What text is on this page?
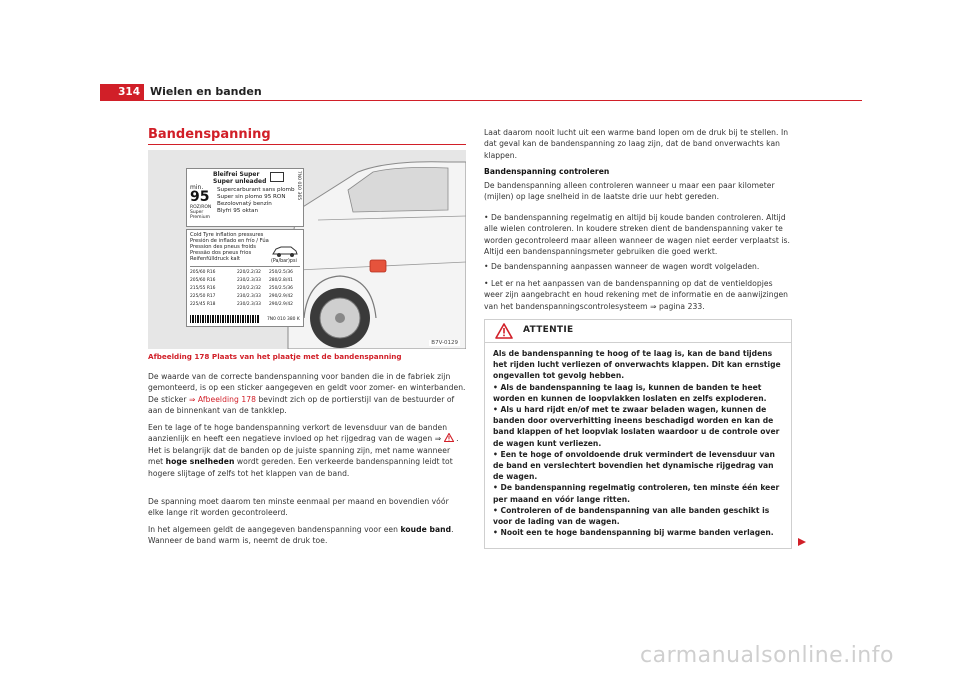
314 Wielen en banden
Bandenspanning
Bleifrei Super
Super unleaded
min.
95
ROZ/RON
Super
Premium
Supercarburant sans plomb
Super sin plomo 95 RON
Bezolovnatý benzín
Blyfri 95 oktan
7N0 010 365
Cold Tyre inflation pressures
Presión de inflado en frío / Fúa
Pression des pneus froids
Pressão dos pneus frios
Reifenfülldruck kalt	(Pa/bar)psi
205/60 R16	220/2.2/32 250/2.5/36
205/60 R16	230/2.3/33 280/2.8/41
215/55 R16	220/2.2/32 250/2.5/36
225/50 R17	230/2.3/33 290/2.9/42
225/45 R18	230/2.3/33 290/2.9/42
7N0 010 380 K
B7V-0129
Afbeelding 178 Plaats van het plaatje met de bandenspanning
De waarde van de correcte bandenspanning voor banden die in de fabriek zijn gemonteerd, is op een sticker aangegeven en geldt voor zomer- en winterbanden. De sticker ⇒ Afbeelding 178 bevindt zich op de portierstijl van de bestuurder of aan de binnenkant van de tankklep.
Een te lage of te hoge bandenspanning verkort de levensduur van de banden aanzienlijk en heeft een negatieve invloed op het rijgedrag van de wagen ⇒ . Het is belangrijk dat de banden op de juiste spanning zijn, met name wanneer met hoge snelheden wordt gereden. Een verkeerde bandenspanning leidt tot hogere slijtage of zelfs tot het klappen van de band.
De spanning moet daarom ten minste eenmaal per maand en bovendien vóór elke lange rit worden gecontroleerd.
In het algemeen geldt de aangegeven bandenspanning voor een koude band. Wanneer de band warm is, neemt de druk toe.
Laat daarom nooit lucht uit een warme band lopen om de druk bij te stellen. In dat geval kan de bandenspanning zo laag zijn, dat de band onverwachts kan klappen.
Bandenspanning controleren
De bandenspanning alleen controleren wanneer u maar een paar kilometer (mijlen) op lage snelheid in de laatste drie uur hebt gereden.
• De bandenspanning regelmatig en altijd bij koude banden controleren. Altijd alle wielen controleren. In koudere streken dient de bandenspanning vaker te worden gecontroleerd maar alleen wanneer de wagen niet eerder verplaatst is. Altijd een bandenspanningsmeter gebruiken die goed werkt.
• De bandenspanning aanpassen wanneer de wagen wordt volgeladen.
• Let er na het aanpassen van de bandenspanning op dat de ventieldopjes weer zijn aangebracht en houd rekening met de informatie en de aanwijzingen van het bandenspanningscontrolesysteem ⇒ pagina 233.
ATTENTIE
Als de bandenspanning te hoog of te laag is, kan de band tijdens het rijden lucht verliezen of onverwachts klappen. Dit kan ernstige ongevallen tot gevolg hebben.
• Als de bandenspanning te laag is, kunnen de banden te heet worden en kunnen de loopvlakken loslaten en zelfs exploderen.
• Als u hard rijdt en/of met te zwaar beladen wagen, kunnen de banden door oververhitting ineens beschadigd worden en kan de band klappen of het loopvlak loslaten waardoor u de controle over de wagen kunt verliezen.
• Een te hoge of onvoldoende druk vermindert de levensduur van de band en verslechtert bovendien het dynamische rijgedrag van de wagen.
• De bandenspanning regelmatig controleren, ten minste één keer per maand en vóór lange ritten.
• Controleren of de bandenspanning van alle banden geschikt is voor de lading van de wagen.
• Nooit een te hoge bandenspanning bij warme banden verlagen.
carmanualsonline.info
